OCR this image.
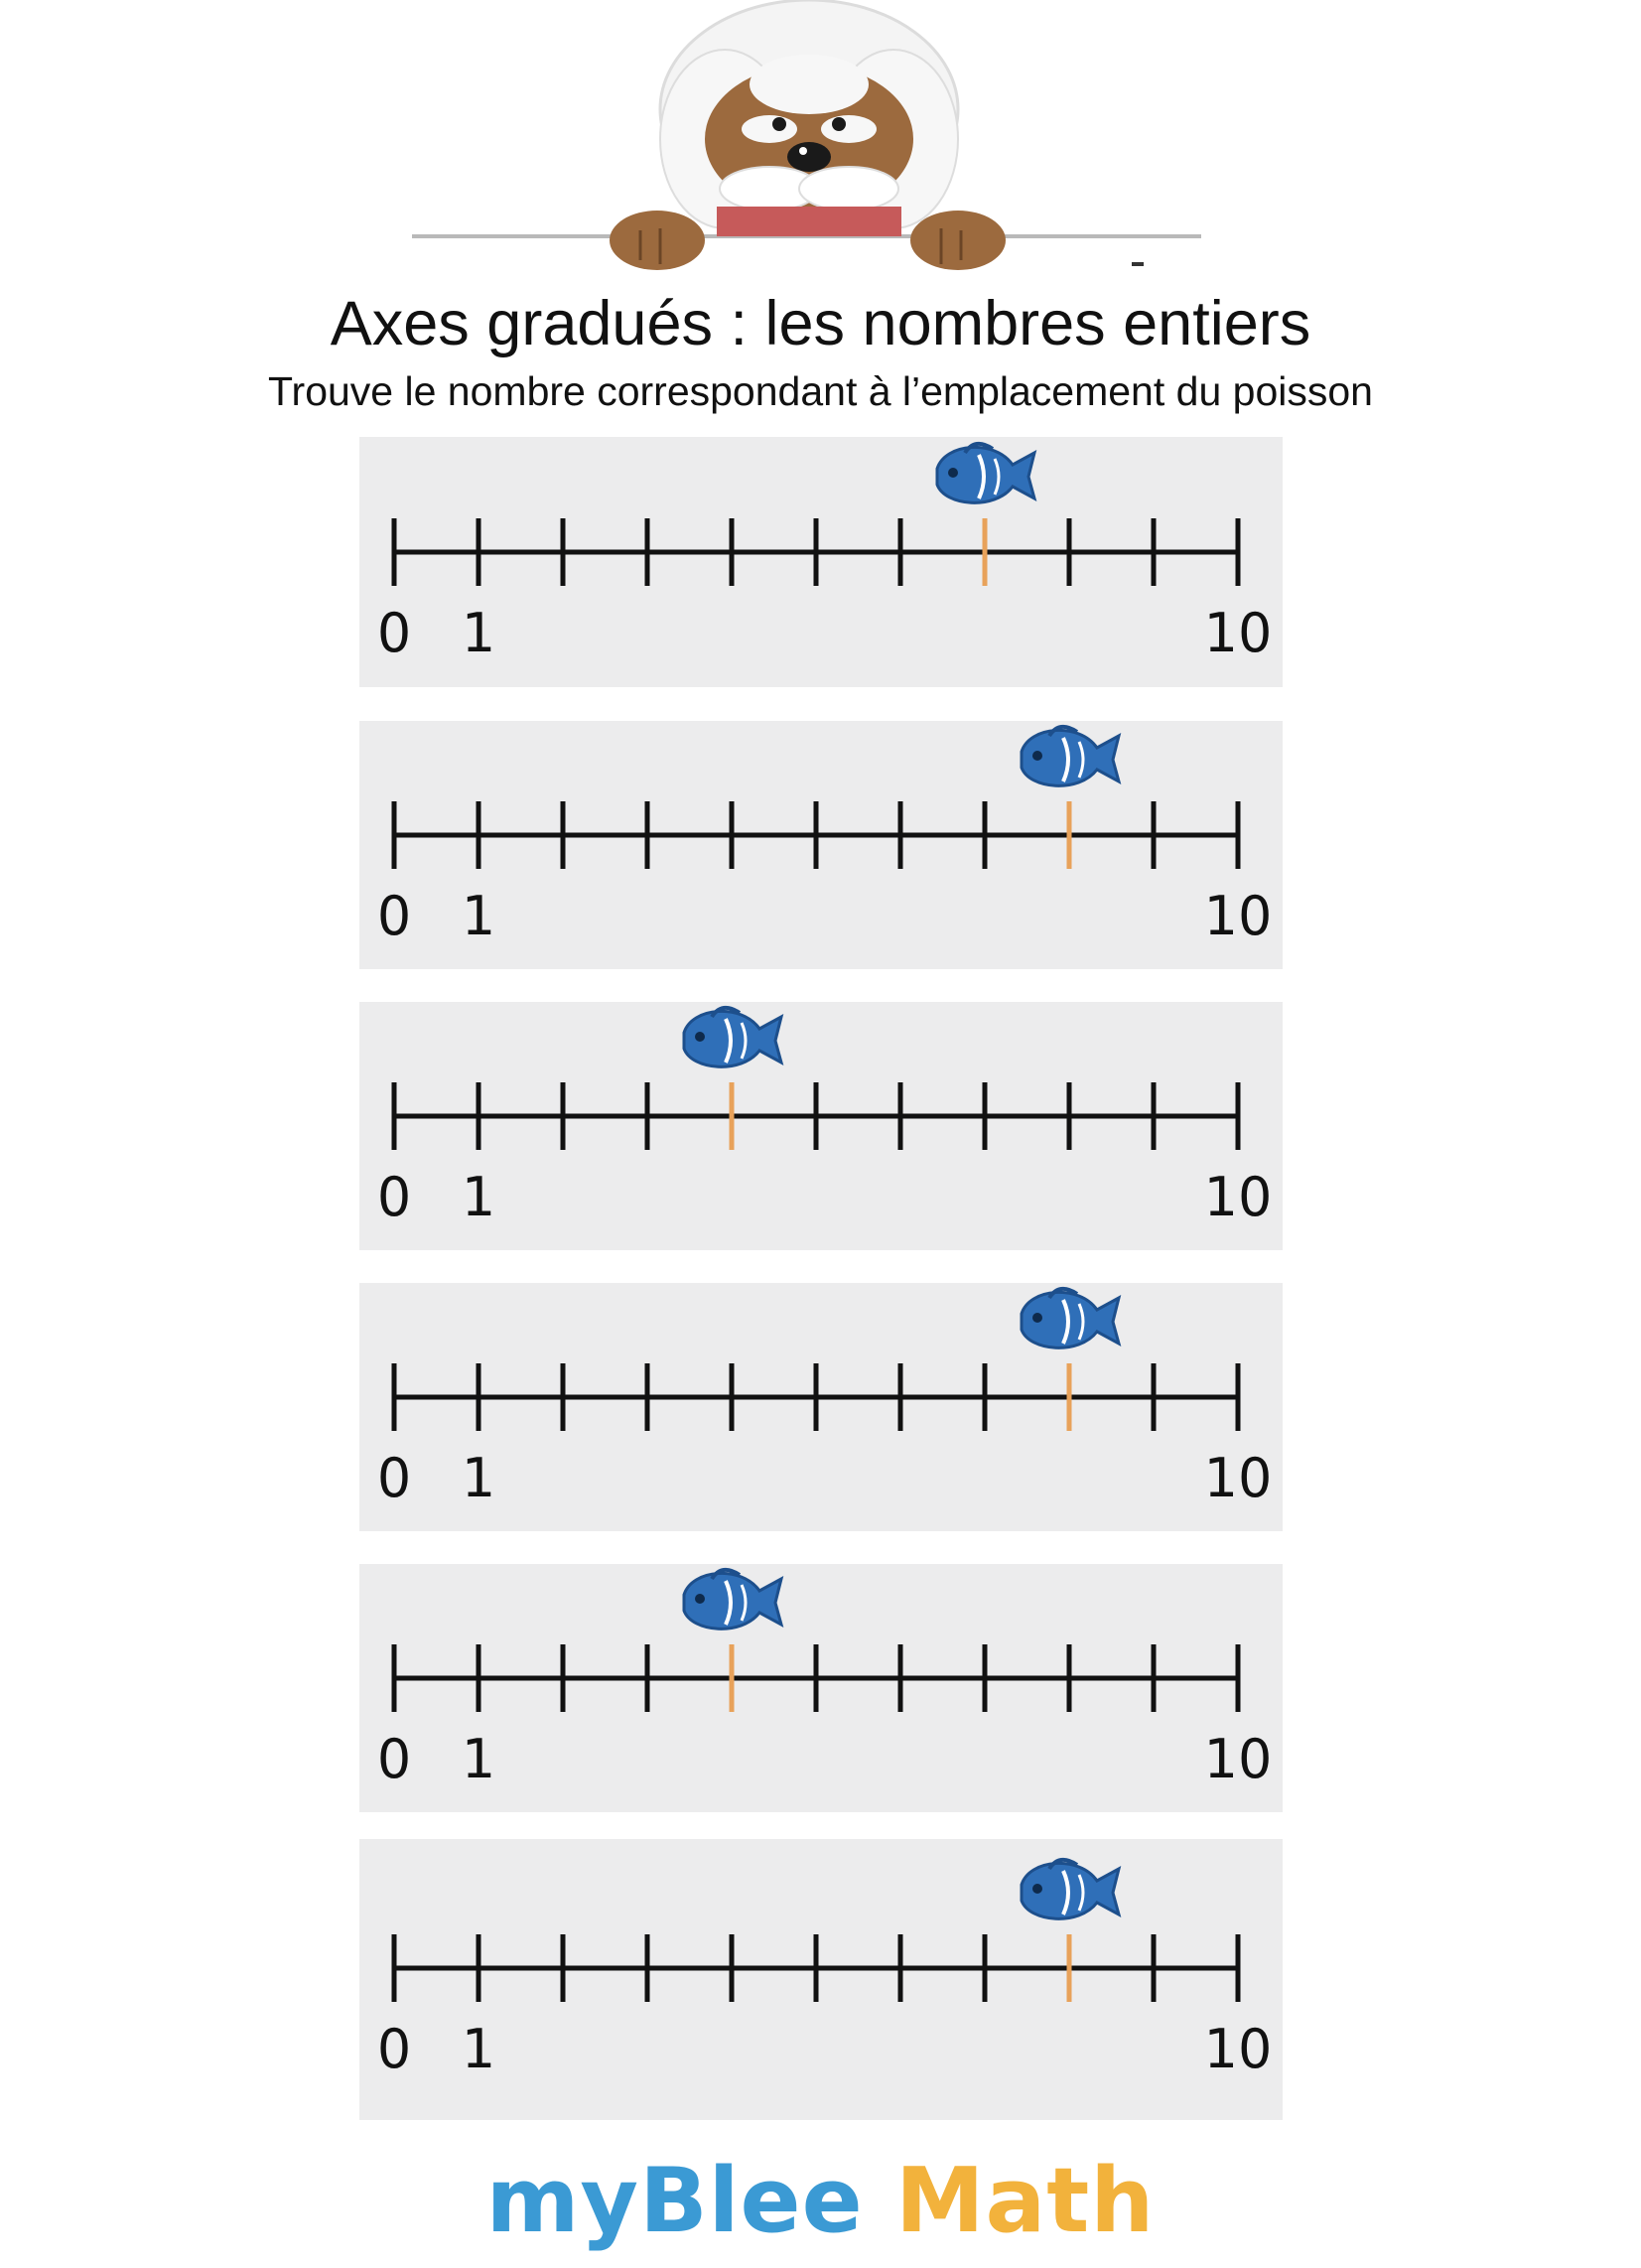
Axes gradués : les nombres entiers
Trouve le nombre correspondant à l’emplacement du poisson
0 1	10
0 1	10
0 1	10
0 1	10
0 1	10
0 1	10
myBlee Math
